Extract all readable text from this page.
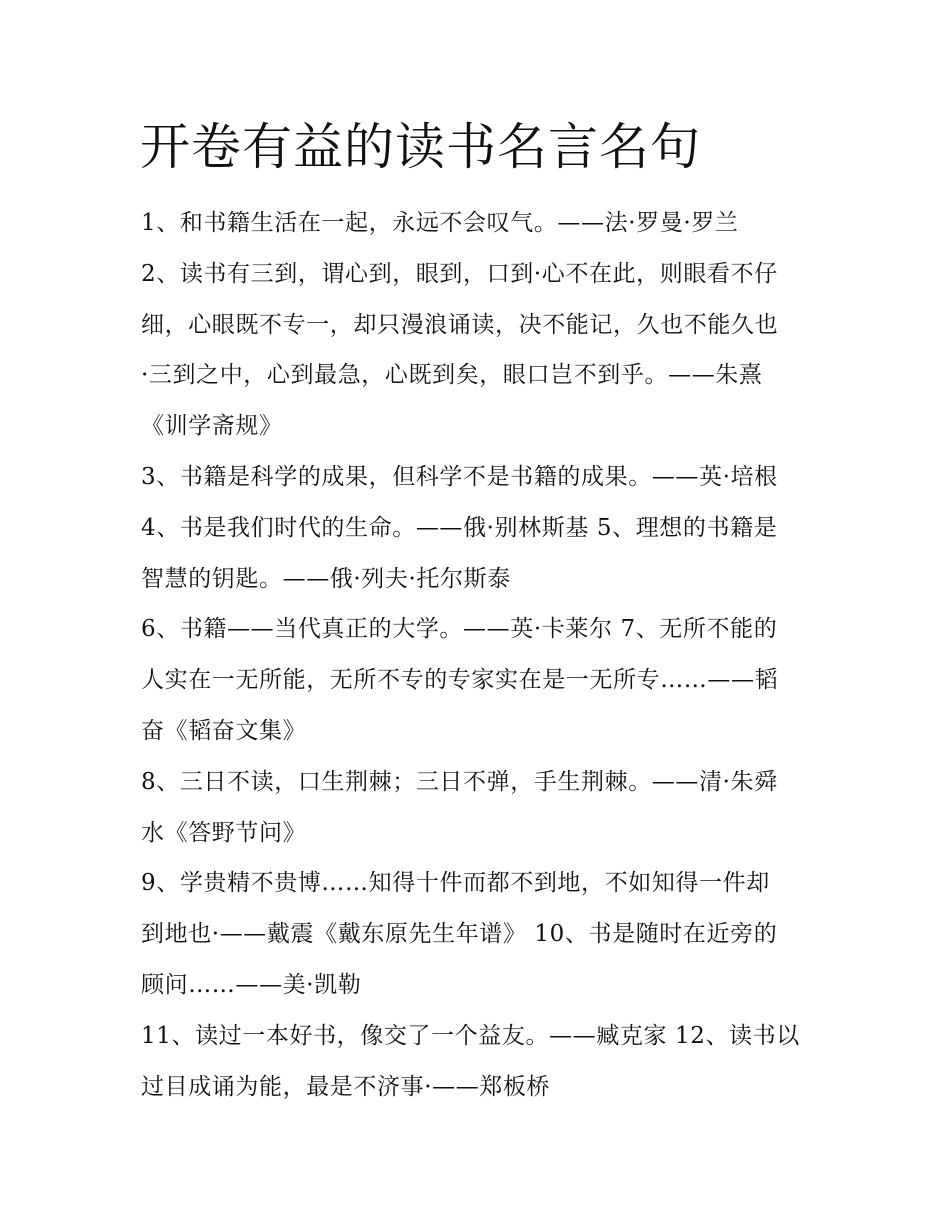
开卷有益的读书名言名句
1、和书籍生活在一起，永远不会叹气。——法·罗曼·罗兰
2、读书有三到，谓心到，眼到，口到·心不在此，则眼看不仔
细，心眼既不专一，却只漫浪诵读，决不能记，久也不能久也
·三到之中，心到最急，心既到矣，眼口岂不到乎。——朱熹
《训学斋规》
3、书籍是科学的成果，但科学不是书籍的成果。——英·培根
4、书是我们时代的生命。——俄·别林斯基 5、理想的书籍是
智慧的钥匙。——俄·列夫·托尔斯泰
6、书籍——当代真正的大学。——英·卡莱尔 7、无所不能的
人实在一无所能，无所不专的专家实在是一无所专……——韬
奋《韬奋文集》
8、三日不读，口生荆棘；三日不弹，手生荆棘。——清·朱舜
水《答野节问》
9、学贵精不贵博……知得十件而都不到地，不如知得一件却
到地也·——戴震《戴东原先生年谱》 10、书是随时在近旁的
顾问……——美·凯勒
11、读过一本好书，像交了一个益友。——臧克家 12、读书以
过目成诵为能，最是不济事·——郑板桥
